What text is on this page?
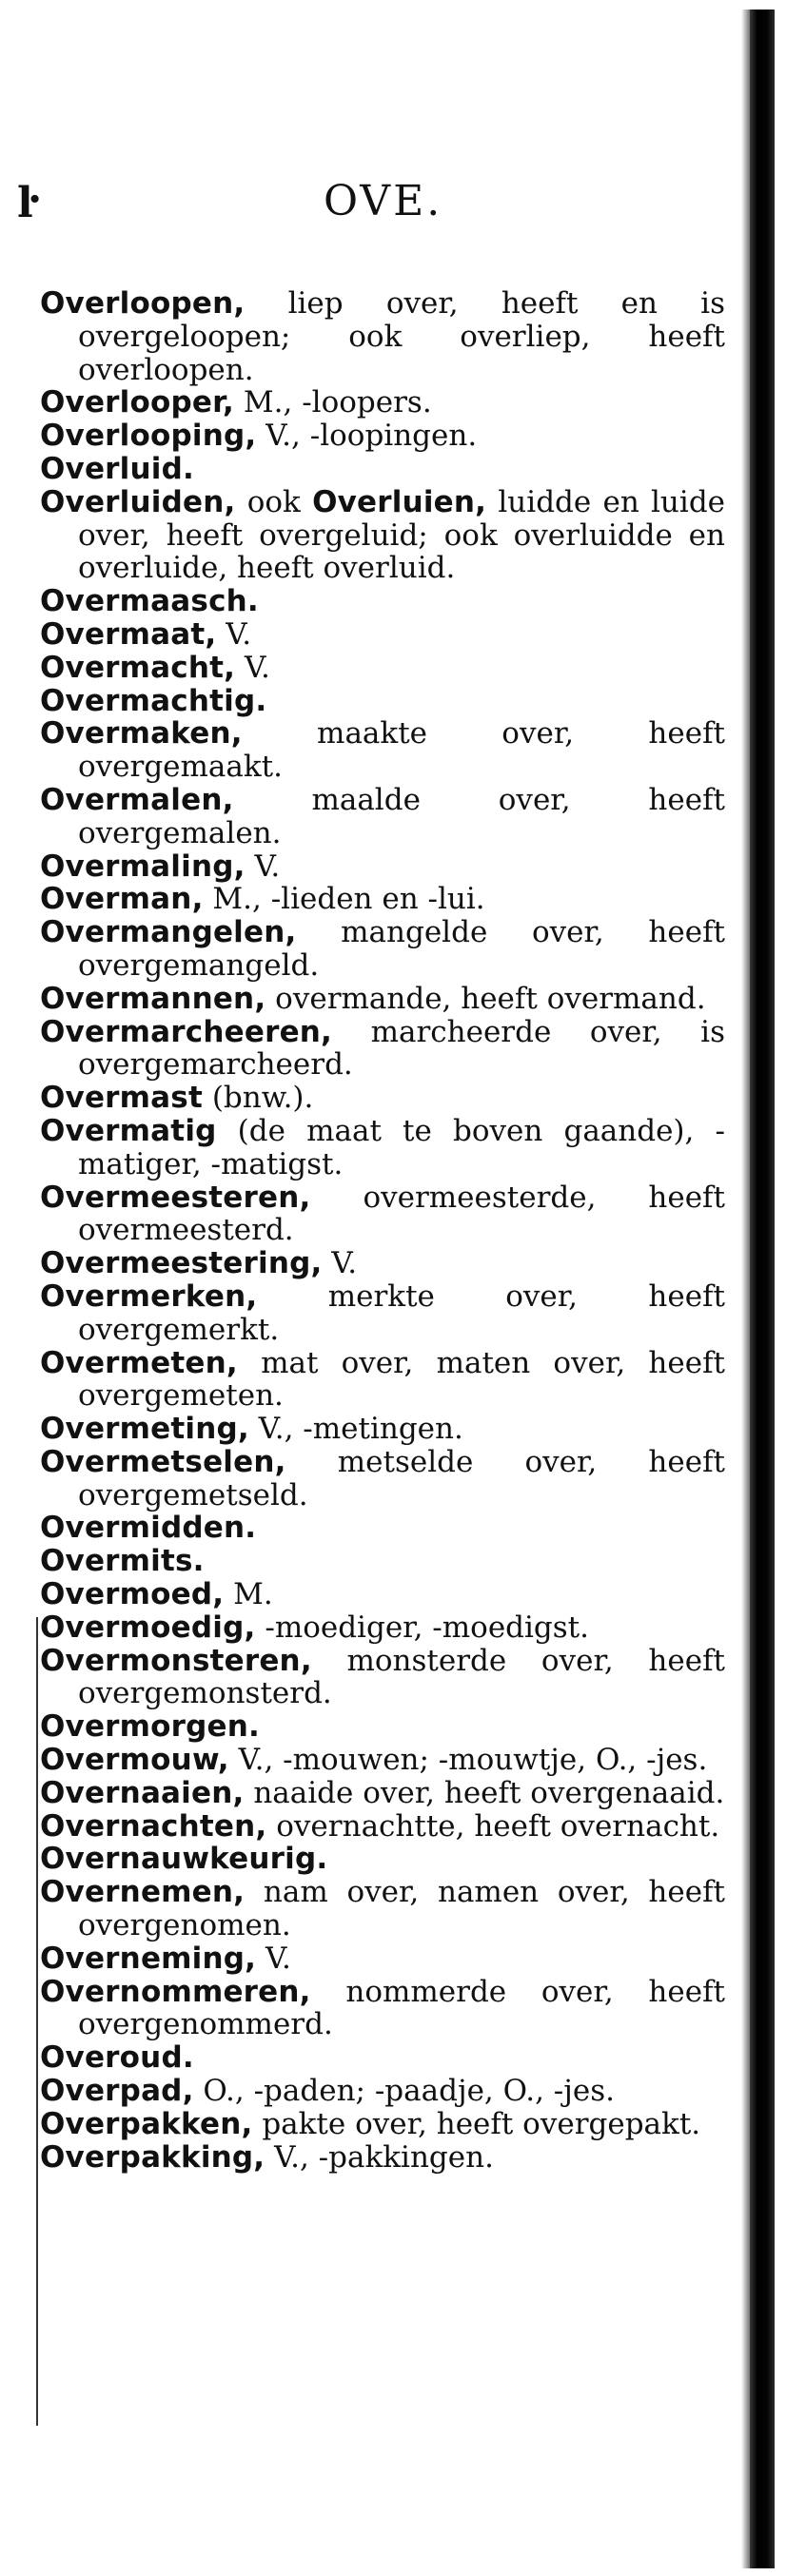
ŀ	OVE.
Overloopen, liep over, heeft en is overgeloopen; ook overliep, heeft overloopen.
Overlooper, M., -loopers.
Overlooping, V., -loopingen.
Overluid.
Overluiden, ook Overluien, luidde en luide over, heeft overgeluid; ook overluidde en overluide, heeft overluid.
Overmaasch.
Overmaat, V.
Overmacht, V.
Overmachtig.
Overmaken, maakte over, heeft overgemaakt.
Overmalen, maalde over, heeft overgemalen.
Overmaling, V.
Overman, M., -lieden en -lui.
Overmangelen, mangelde over, heeft overgemangeld.
Overmannen, overmande, heeft overmand.
Overmarcheeren, marcheerde over, is overgemarcheerd.
Overmast (bnw.).
Overmatig (de maat te boven gaande), -matiger, -matigst.
Overmeesteren, overmeesterde, heeft overmeesterd.
Overmeestering, V.
Overmerken, merkte over, heeft overgemerkt.
Overmeten, mat over, maten over, heeft overgemeten.
Overmeting, V., -metingen.
Overmetselen, metselde over, heeft overgemetseld.
Overmidden.
Overmits.
Overmoed, M.
Overmoedig, -moediger, -moedigst.
Overmonsteren, monsterde over, heeft overgemonsterd.
Overmorgen.
Overmouw, V., -mouwen; -mouwtje, O., -jes.
Overnaaien, naaide over, heeft overgenaaid.
Overnachten, overnachtte, heeft overnacht.
Overnauwkeurig.
Overnemen, nam over, namen over, heeft overgenomen.
Overneming, V.
Overnommeren, nommerde over, heeft overgenommerd.
Overoud.
Overpad, O., -paden; -paadje, O., -jes.
Overpakken, pakte over, heeft overgepakt.
Overpakking, V., -pakkingen.
